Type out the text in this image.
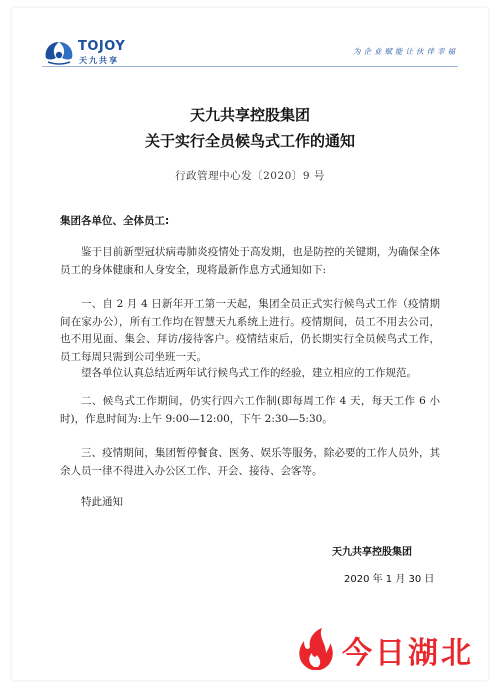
TOJOY
天九共享
为企业赋能让伙伴幸福
天九共享控股集团
关于实行全员候鸟式工作的通知
行政管理中心发〔2020〕9 号
集团各单位、全体员工:
鉴于目前新型冠状病毒肺炎疫情处于高发期，也是防控的关键期，为确保全体员工的身体健康和人身安全，现将最新作息方式通知如下:
一、自 2 月 4 日新年开工第一天起，集团全员正式实行候鸟式工作（疫情期间在家办公），所有工作均在智慧天九系统上进行。疫情期间，员工不用去公司，也不用见面、集会、拜访/接待客户。疫情结束后，仍长期实行全员候鸟式工作，员工每周只需到公司坐班一天。
望各单位认真总结近两年试行候鸟式工作的经验，建立相应的工作规范。
二、候鸟式工作期间，仍实行四六工作制(即每周工作 4 天，每天工作 6 小时)，作息时间为:上午 9:00—12:00，下午 2:30—5:30。
三、疫情期间，集团暂停餐食、医务、娱乐等服务，除必要的工作人员外，其余人员一律不得进入办公区工作、开会、接待、会客等。
特此通知
天九共享控股集团
2020 年 1 月 30 日
今日湖北
